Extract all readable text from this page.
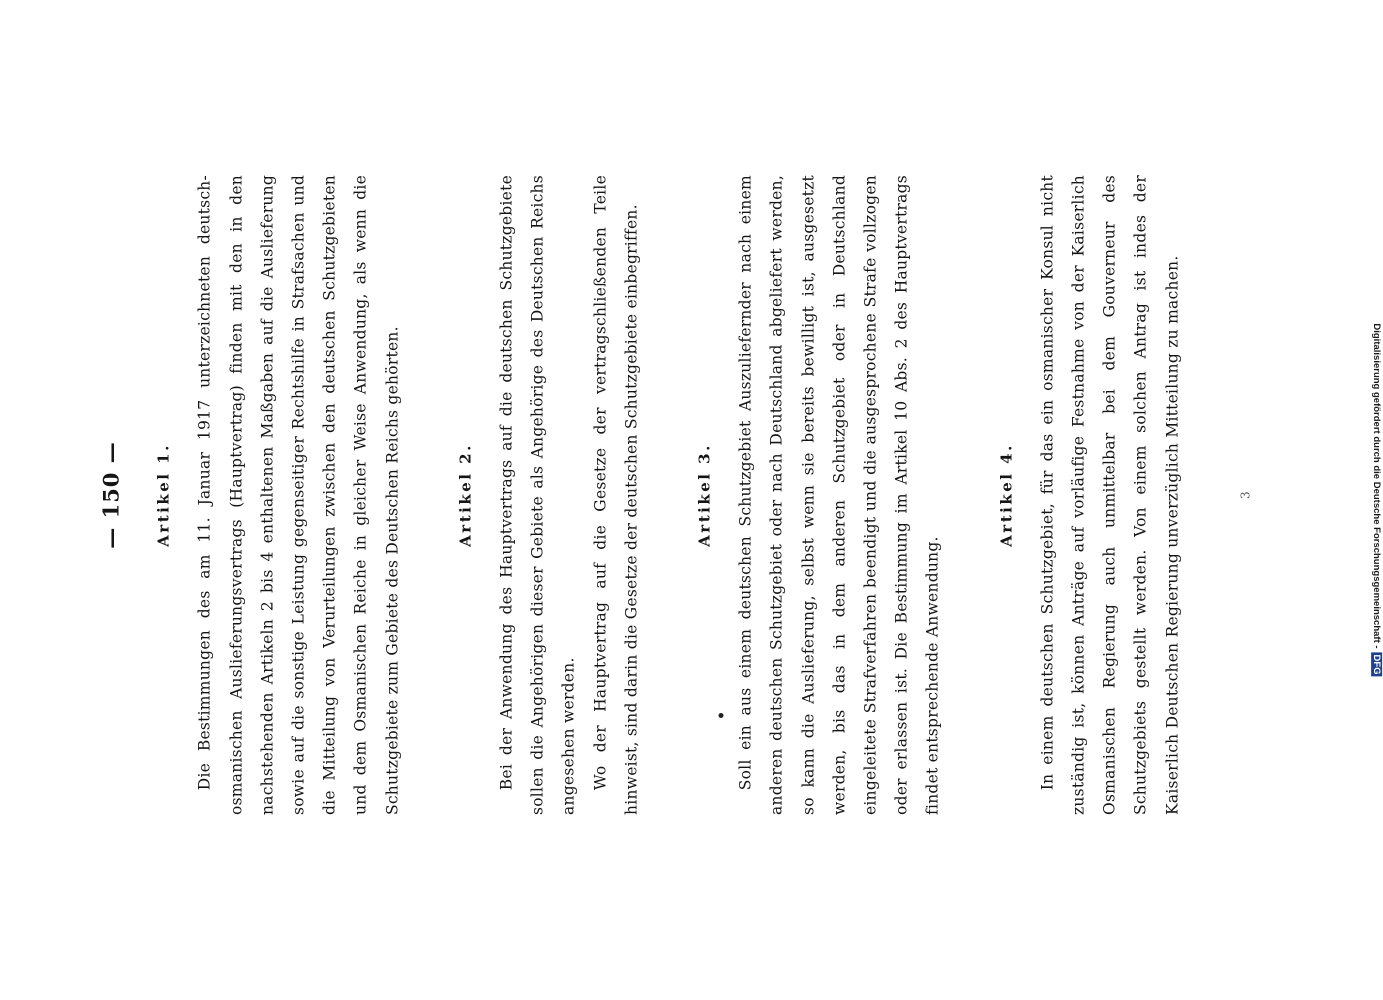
— 150 —	Artikel 1.	Die Bestimmungen des am 11. Januar 1917 unterzeichneten deutsch-osmanischen Auslieferungsvertrags (Hauptvertrag) finden mit den in den nachstehenden Artikeln 2 bis 4 enthaltenen Maßgaben auf die Auslieferung sowie auf die sonstige Leistung gegenseitiger Rechtshilfe in Strafsachen und die Mitteilung von Verurteilungen zwischen den deutschen Schutzgebieten und dem Osmanischen Reiche in gleicher Weise Anwendung, als wenn die Schutzgebiete zum Gebiete des Deutschen Reichs gehörten.	Artikel 2.	Bei der Anwendung des Hauptvertrags auf die deutschen Schutzgebiete sollen die Angehörigen dieser Gebiete als Angehörige des Deutschen Reichs angesehen werden. Wo der Hauptvertrag auf die Gesetze der vertragschließenden Teile hinweist, sind darin die Gesetze der deutschen Schutzgebiete einbegriffen.	Artikel 3.	Soll ein aus einem deutschen Schutzgebiet Auszuliefernder nach einem anderen deutschen Schutzgebiet oder nach Deutschland abgeliefert werden, so kann die Auslieferung, selbst wenn sie bereits bewilligt ist, ausgesetzt werden, bis das in dem anderen Schutzgebiet oder in Deutschland eingeleitete Strafverfahren beendigt und die ausgesprochene Strafe vollzogen oder erlassen ist. Die Bestimmung im Artikel 10 Abs. 2 des Hauptvertrags findet entsprechende Anwendung.

Artikel 4.	In einem deutschen Schutzgebiet, für das ein osmanischer Konsul nicht zuständig ist, können Anträge auf vorläufige Festnahme von der Kaiserlich Osmanischen Regierung auch unmittelbar bei dem Gouverneur des Schutzgebiets gestellt werden. Von einem solchen Antrag ist indes der Kaiserlich Deutschen Regierung unverzüglich Mitteilung zu machen.	3	Digitalisierung gefördert durch die Deutsche Forschungsgemeinschaft -DFG
